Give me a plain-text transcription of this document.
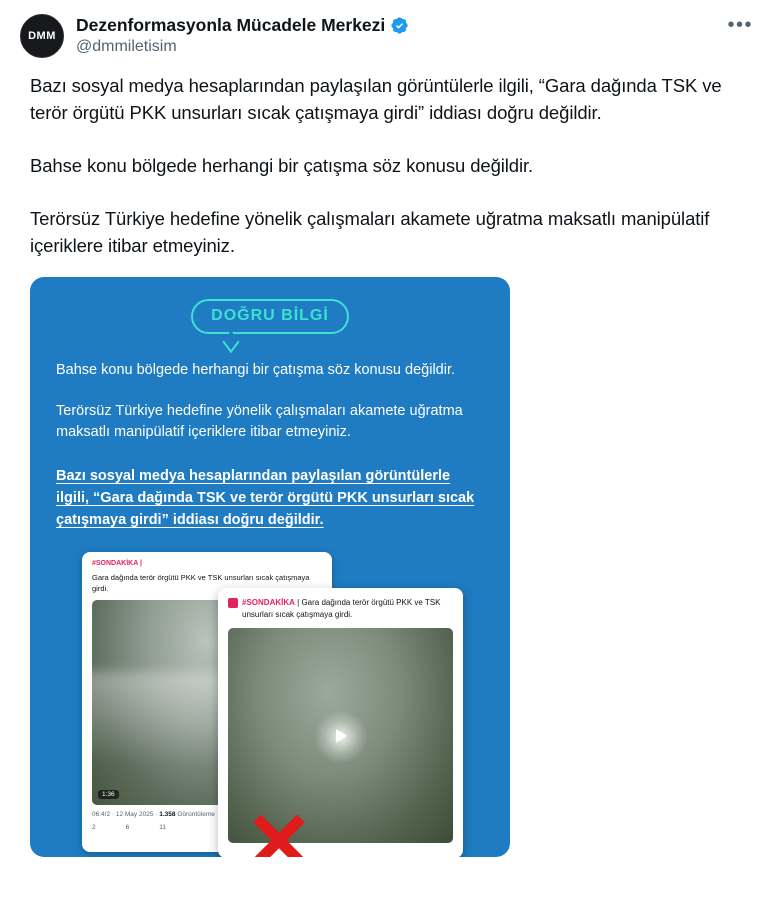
DMM
Dezenformasyonla Mücadele Merkezi
@dmmiletisim
•••

Bazı sosyal medya hesaplarından paylaşılan görüntülerle ilgili, “Gara dağında TSK ve terör örgütü PKK unsurları sıcak çatışmaya girdi” iddiası doğru değildir.

Bahse konu bölgede herhangi bir çatışma söz konusu değildir.

Terörsüz Türkiye hedefine yönelik çalışmaları akamete uğratma maksatlı manipülatif içeriklere itibar etmeyiniz.

DOĞRU BİLGİ
Bahse konu bölgede herhangi bir çatışma söz konusu değildir.
Terörsüz Türkiye hedefine yönelik çalışmaları akamete uğratma maksatlı manipülatif içeriklere itibar etmeyiniz.
Bazı sosyal medya hesaplarından paylaşılan görüntülerle ilgili, “Gara dağında TSK ve terör örgütü PKK unsurları sıcak çatışmaya girdi” iddiası doğru değildir.
#SONDAKİKA |
Gara dağında terör örgütü PKK ve TSK unsurları sıcak çatışmaya girdi.
1:36
06:4/2 · 12 May 2025 · 1.358 Görüntüleme
2	6	11
#SONDAKİKA | Gara dağında terör örgütü PKK ve TSK unsurları sıcak çatışmaya girdi.
